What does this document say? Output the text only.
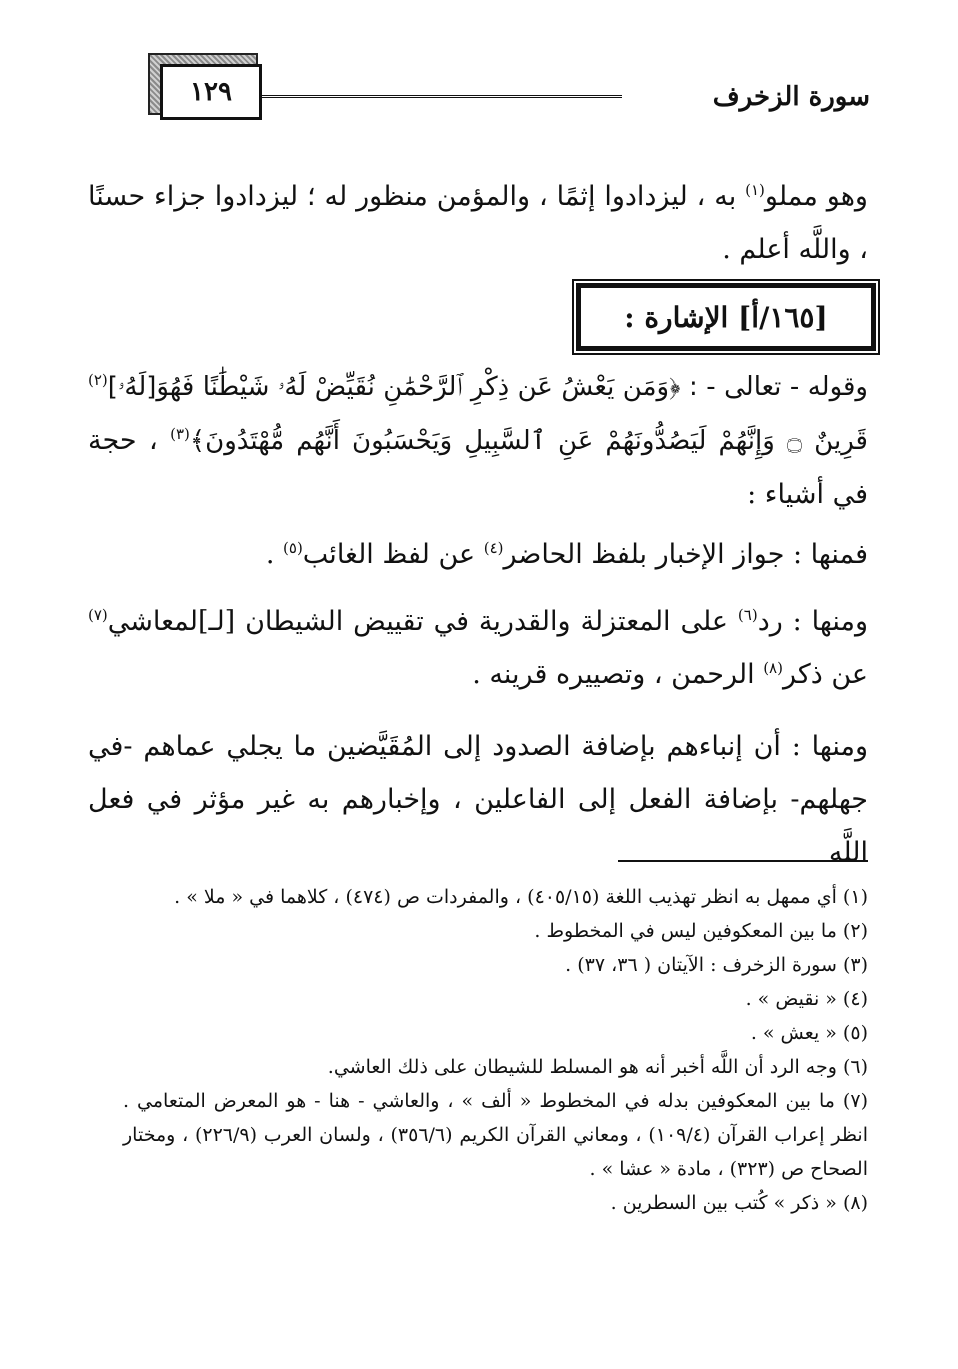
١٢٩	سورة الزخرف

وهو مملو$^{(١)}$ به ، ليزدادوا إثمًا ، والمؤمن منظور له ؛ ليزدادوا جزاء حسنًا ، واللَّه أعلم .

[١٦٥/أ] الإشارة :

وقوله - تعالى - : ﴿وَمَن يَعْشُ عَن ذِكْرِ ٱلرَّحْمَٰنِ نُقَيِّضْ لَهُۥ شَيْطَٰنًا فَهُوَ[لَهُۥ]$^{(٢)}$ قَرِينٌ ۝ وَإِنَّهُمْ لَيَصُدُّونَهُمْ عَنِ ٱلسَّبِيلِ وَيَحْسَبُونَ أَنَّهُم مُّهْتَدُونَ﴾$^{(٣)}$ ، حجة في أشياء :

فمنها : جواز الإخبار بلفظ الحاضر$^{(٤)}$ عن لفظ الغائب$^{(٥)}$ .

ومنها : رد$^{(٦)}$ على المعتزلة والقدرية في تقييض الشيطان [لـ]لمعاشي$^{(٧)}$ عن ذكر$^{(٨)}$ الرحمن ، وتصييره قرينه .

ومنها : أن إنباءهم بإضافة الصدود إلى المُقَيَّضين ما يجلي عماهم -في جهلهم- بإضافة الفعل إلى الفاعلين ، وإخبارهم به غير مؤثر في فعل اللَّه

(١) أي ممهل به انظر تهذيب اللغة (٤٠٥/١٥) ، والمفردات ص (٤٧٤) ، كلاهما في « ملا » .

(٢) ما بين المعكوفين ليس في المخطوط .

(٣) سورة الزخرف : الآيتان ( ٣٦، ٣٧) .

(٤) « نقيض » .

(٥) « يعش » .

(٦) وجه الرد أن اللَّه أخبر أنه هو المسلط للشيطان على ذلك العاشي.

(٧) ما بين المعكوفين بدله في المخطوط « ألف » ، والعاشي - هنا - هو المعرض المتعامي . انظر إعراب القرآن (١٠٩/٤) ، ومعاني القرآن الكريم (٣٥٦/٦) ، ولسان العرب (٢٢٦/٩) ، ومختار الصحاح ص (٣٢٣) ، مادة « عشا » .

(٨) « ذكر » كُتب بين السطرين .
